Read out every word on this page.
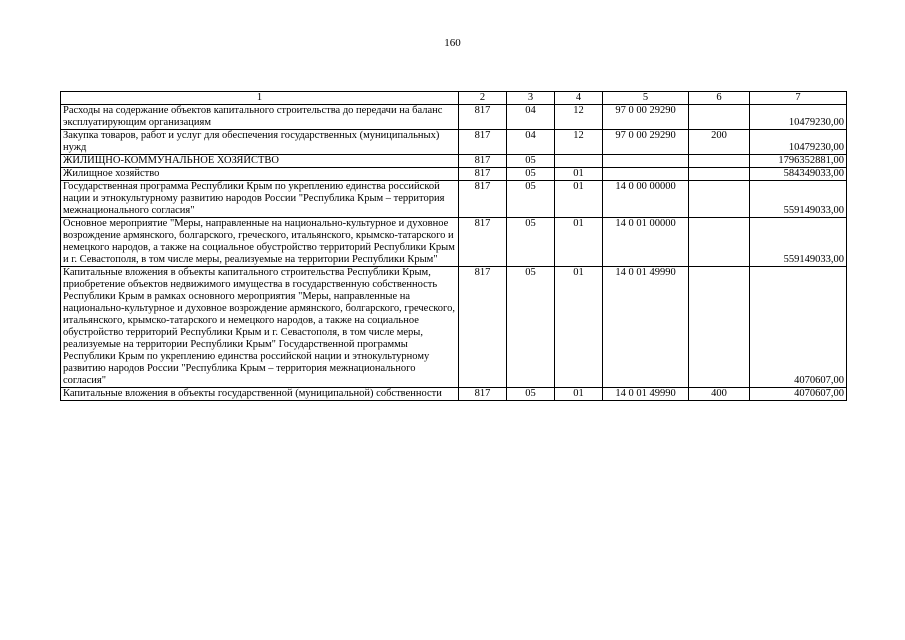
160
1	2	3	4	5	6	7
Расходы на содержание объектов капитального строительства до передачи на баланс эксплуатирующим организациям	817	04	12	97 0 00 29290		10479230,00
Закупка товаров, работ и услуг для обеспечения государственных (муниципальных) нужд	817	04	12	97 0 00 29290	200	10479230,00
ЖИЛИЩНО-КОММУНАЛЬНОЕ ХОЗЯЙСТВО	817	05				1796352881,00
Жилищное хозяйство	817	05	01			584349033,00
Государственная программа Республики Крым по укреплению единства российской нации и этнокультурному развитию народов России "Республика Крым – территория межнационального согласия"	817	05	01	14 0 00 00000		559149033,00
Основное мероприятие "Меры, направленные на национально-культурное и духовное возрождение армянского, болгарского, греческого, итальянского, крымско-татарского и немецкого народов, а также на социальное обустройство территорий Республики Крым и г. Севастополя, в том числе меры, реализуемые на территории Республики Крым"	817	05	01	14 0 01 00000		559149033,00
Капитальные вложения в объекты капитального строительства Республики Крым, приобретение объектов недвижимого имущества в государственную собственность Республики Крым в рамках основного мероприятия "Меры, направленные на национально-культурное и духовное возрождение армянского, болгарского, греческого, итальянского, крымско-татарского и немецкого народов, а также на социальное обустройство территорий Республики Крым и г. Севастополя, в том числе меры, реализуемые на территории Республики Крым" Государственной программы Республики Крым по укреплению единства российской нации и этнокультурному развитию народов России "Республика Крым – территория межнационального согласия"	817	05	01	14 0 01 49990		4070607,00
Капитальные вложения в объекты государственной (муниципальной) собственности	817	05	01	14 0 01 49990	400	4070607,00
